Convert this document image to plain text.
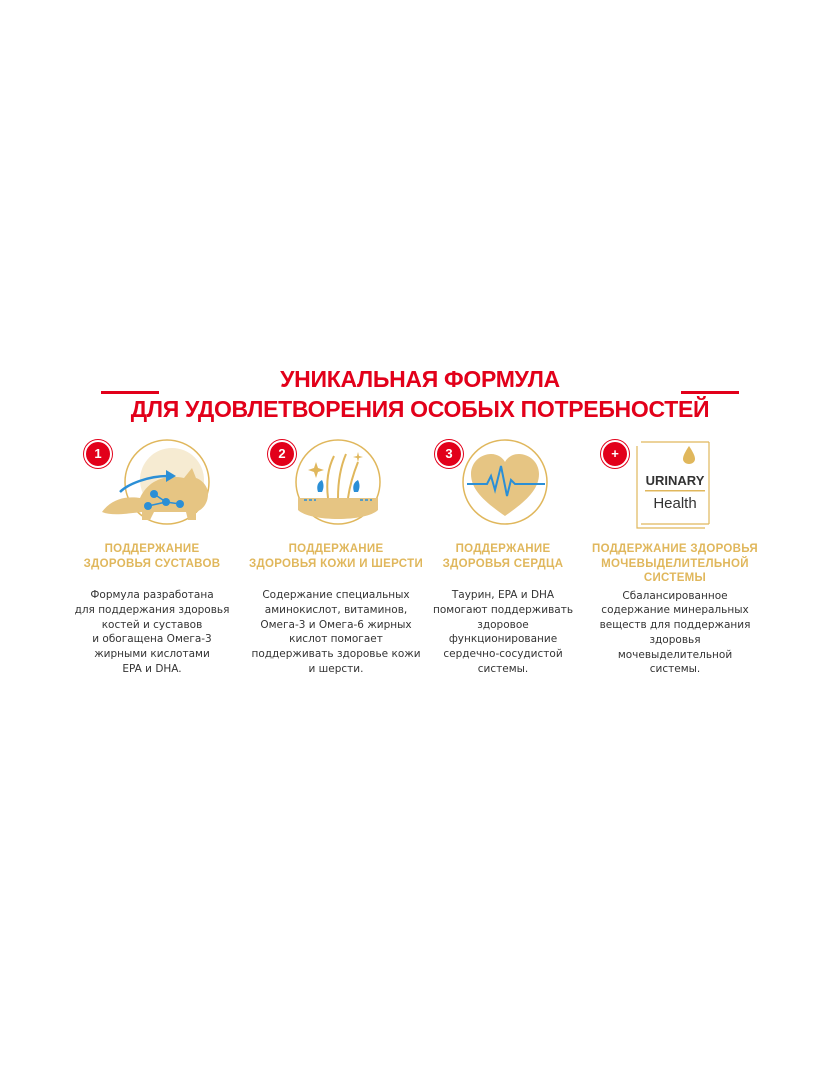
УНИКАЛЬНАЯ ФОРМУЛА
ДЛЯ УДОВЛЕТВОРЕНИЯ ОСОБЫХ ПОТРЕБНОСТЕЙ
1
ПОДДЕРЖАНИЕ
ЗДОРОВЬЯ СУСТАВОВ
Формула разработана
для поддержания здоровья
костей и суставов
и обогащена Омега-3
жирными кислотами
EPA и DHA.
2
ПОДДЕРЖАНИЕ
ЗДОРОВЬЯ КОЖИ И ШЕРСТИ
Содержание специальных
аминокислот, витаминов,
Омега-3 и Омега-6 жирных
кислот помогает
поддерживать здоровье кожи
и шерсти.
3
ПОДДЕРЖАНИЕ
ЗДОРОВЬЯ СЕРДЦА
Таурин, EPA и DHA
помогают поддерживать
здоровое
функционирование
сердечно-сосудистой
системы.
URINARY
Health
+
ПОДДЕРЖАНИЕ ЗДОРОВЬЯ
МОЧЕВЫДЕЛИТЕЛЬНОЙ
СИСТЕМЫ
Сбалансированное
содержание минеральных
веществ для поддержания
здоровья
мочевыделительной
системы.
